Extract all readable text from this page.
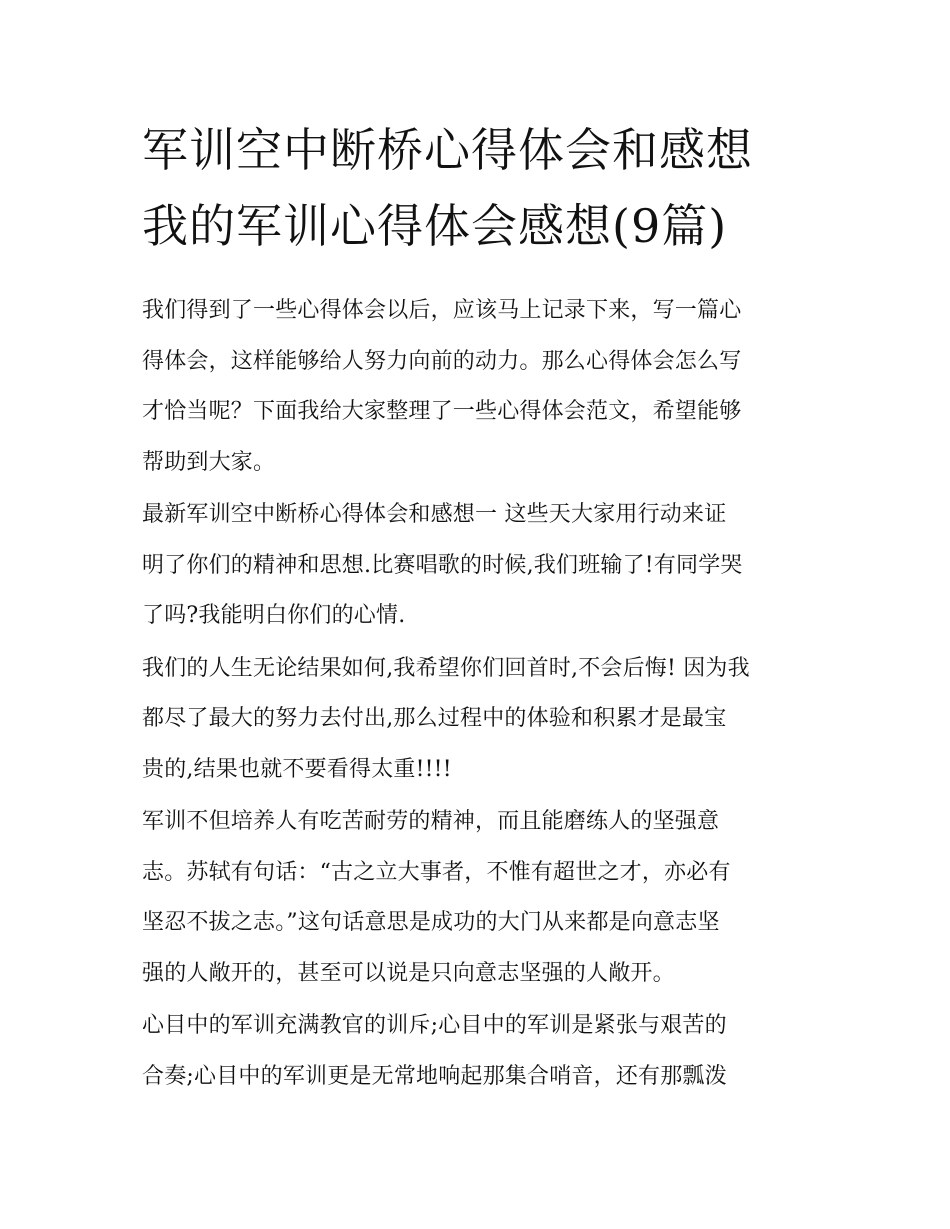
军训空中断桥心得体会和感想
我的军训心得体会感想(9篇)
我们得到了一些心得体会以后，应该马上记录下来，写一篇心
得体会，这样能够给人努力向前的动力。那么心得体会怎么写
才恰当呢？下面我给大家整理了一些心得体会范文，希望能够
帮助到大家。
最新军训空中断桥心得体会和感想一 这些天大家用行动来证
明了你们的精神和思想.比赛唱歌的时候,我们班输了!有同学哭
了吗?我能明白你们的心情.
我们的人生无论结果如何,我希望你们回首时,不会后悔! 因为我
都尽了最大的努力去付出,那么过程中的体验和积累才是最宝
贵的,结果也就不要看得太重!!!!
军训不但培养人有吃苦耐劳的精神，而且能磨练人的坚强意
志。苏轼有句话：“古之立大事者，不惟有超世之才，亦必有
坚忍不拔之志。”这句话意思是成功的大门从来都是向意志坚
强的人敞开的，甚至可以说是只向意志坚强的人敞开。
心目中的军训充满教官的训斥;心目中的军训是紧张与艰苦的
合奏;心目中的军训更是无常地响起那集合哨音，还有那瓢泼
